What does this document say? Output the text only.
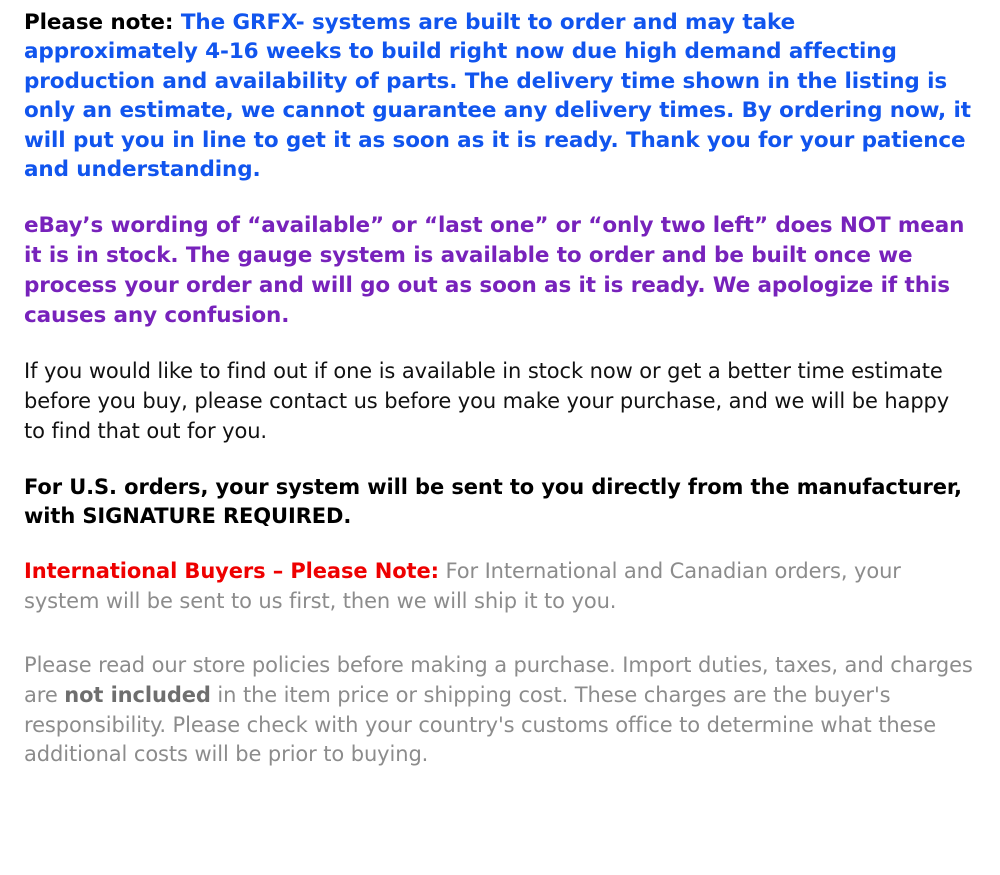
Please note: The GRFX- systems are built to order and may take approximately 4-16 weeks to build right now due high demand affecting production and availability of parts. The delivery time shown in the listing is only an estimate, we cannot guarantee any delivery times. By ordering now, it will put you in line to get it as soon as it is ready. Thank you for your patience and understanding.

eBay’s wording of “available” or “last one” or “only two left” does NOT mean it is in stock. The gauge system is available to order and be built once we process your order and will go out as soon as it is ready. We apologize if this causes any confusion.

If you would like to find out if one is available in stock now or get a better time estimate before you buy, please contact us before you make your purchase, and we will be happy to find that out for you.

For U.S. orders, your system will be sent to you directly from the manufacturer, with SIGNATURE REQUIRED.

International Buyers – Please Note: For International and Canadian orders, your system will be sent to us first, then we will ship it to you.

Please read our store policies before making a purchase. Import duties, taxes, and charges are not included in the item price or shipping cost. These charges are the buyer's responsibility. Please check with your country's customs office to determine what these additional costs will be prior to buying.
